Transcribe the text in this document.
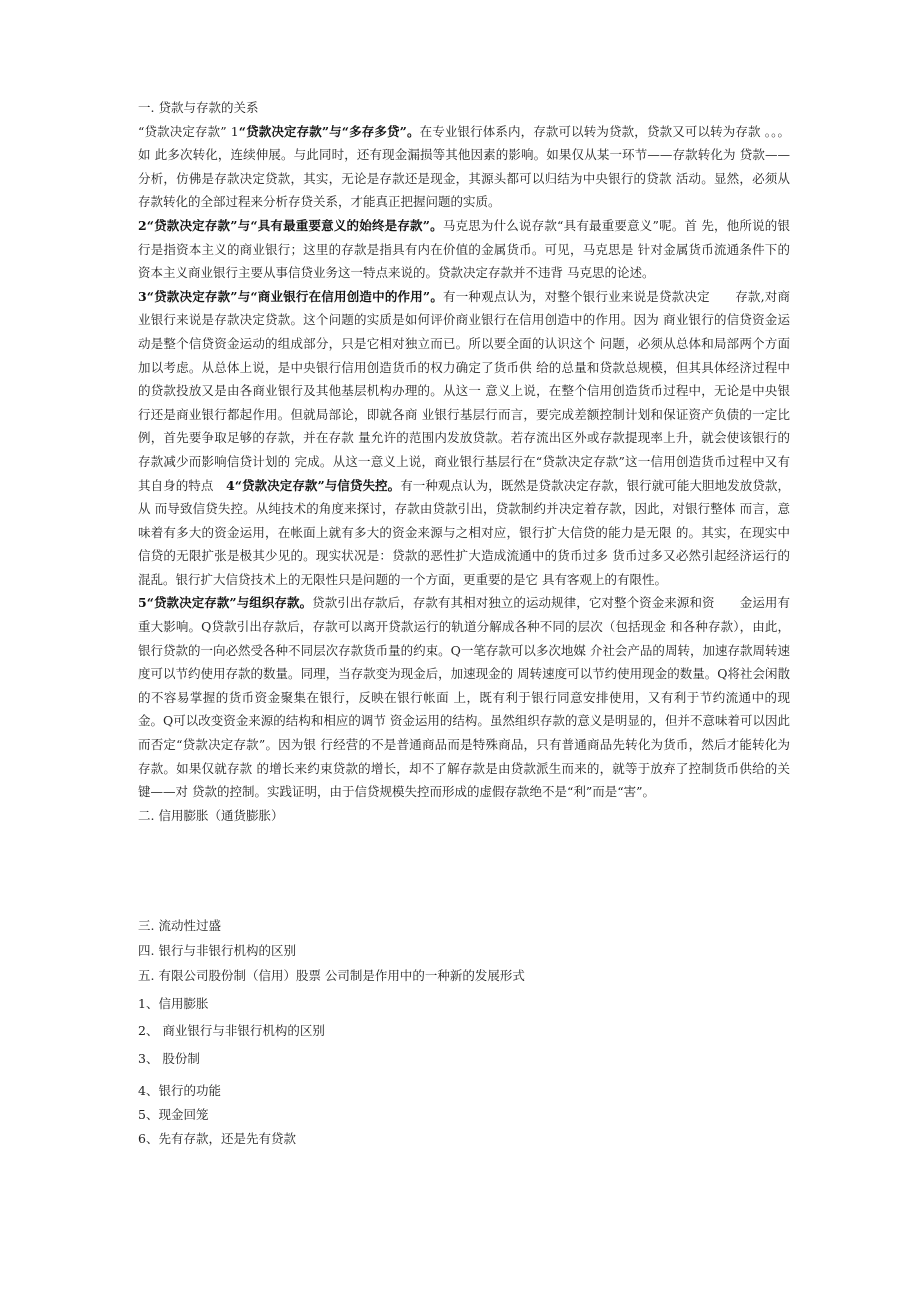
一. 贷款与存款的关系

“贷款决定存款” 1“贷款决定存款”与“多存多贷”。在专业银行体系内，存款可以转为贷款，贷款又可以转为存款 。。。如 此多次转化，连续伸展。与此同时，还有现金漏损等其他因素的影响。如果仅从某一环节——存款转化为 贷款——分析，仿佛是存款决定贷款，其实，无论是存款还是现金，其源头都可以归结为中央银行的贷款 活动。显然，必须从存款转化的全部过程来分析存贷关系，才能真正把握问题的实质。

2“贷款决定存款”与“具有最重要意义的始终是存款”。马克思为什么说存款“具有最重要意义”呢。首 先，他所说的银行是指资本主义的商业银行；这里的存款是指具有内在价值的金属货币。可见，马克思是 针对金属货币流通条件下的资本主义商业银行主要从事信贷业务这一特点来说的。贷款决定存款并不违背 马克思的论述。

3“贷款决定存款”与“商业银行在信用创造中的作用”。有一种观点认为，对整个银行业来说是贷款决定　　存款,对商业银行来说是存款决定贷款。这个问题的实质是如何评价商业银行在信用创造中的作用。因为 商业银行的信贷资金运动是整个信贷资金运动的组成部分，只是它相对独立而已。所以要全面的认识这个 问题，必须从总体和局部两个方面加以考虑。从总体上说，是中央银行信用创造货币的权力确定了货币供 给的总量和贷款总规模，但其具体经济过程中的贷款投放又是由各商业银行及其他基层机构办理的。从这一 意义上说，在整个信用创造货币过程中，无论是中央银行还是商业银行都起作用。但就局部论，即就各商 业银行基层行而言，要完成差额控制计划和保证资产负债的一定比例，首先要争取足够的存款，并在存款 量允许的范围内发放贷款。若存流出区外或存款提现率上升，就会使该银行的存款减少而影响信贷计划的 完成。从这一意义上说，商业银行基层行在“贷款决定存款”这一信用创造货币过程中又有其自身的特点　4“贷款决定存款”与信贷失控。有一种观点认为，既然是贷款决定存款，银行就可能大胆地发放贷款，从 而导致信贷失控。从纯技术的角度来探讨，存款由贷款引出，贷款制约并决定着存款，因此，对银行整体 而言，意味着有多大的资金运用，在帐面上就有多大的资金来源与之相对应，银行扩大信贷的能力是无限 的。其实，在现实中信贷的无限扩张是极其少见的。现实状况是：贷款的恶性扩大造成流通中的货币过多 货币过多又必然引起经济运行的混乱。银行扩大信贷技术上的无限性只是问题的一个方面，更重要的是它 具有客观上的有限性。

5“贷款决定存款”与组织存款。贷款引出存款后，存款有其相对独立的运动规律，它对整个资金来源和资　　金运用有重大影响。Q贷款引出存款后，存款可以离开贷款运行的轨道分解成各种不同的层次（包括现金 和各种存款），由此，银行贷款的一向必然受各种不同层次存款货币量的约束。Q一笔存款可以多次地媒 介社会产品的周转，加速存款周转速度可以节约使用存款的数量。同理，当存款变为现金后，加速现金的 周转速度可以节约使用现金的数量。Q将社会闲散的不容易掌握的货币资金聚集在银行，反映在银行帐面 上，既有利于银行同意安排使用，又有利于节约流通中的现金。Q可以改变资金来源的结构和相应的调节 资金运用的结构。虽然组织存款的意义是明显的，但并不意味着可以因此而否定“贷款决定存款”。因为银 行经营的不是普通商品而是特殊商品，只有普通商品先转化为货币，然后才能转化为存款。如果仅就存款 的增长来约束贷款的增长，却不了解存款是由贷款派生而来的，就等于放弃了控制货币供给的关键——对 贷款的控制。实践证明，由于信贷规模失控而形成的虚假存款绝不是“利”而是“害”。

二. 信用膨胀（通货膨胀）

三. 流动性过盛
四. 银行与非银行机构的区别
五. 有限公司股份制（信用）股票 公司制是作用中的一种新的发展形式
1、信用膨胀
2、 商业银行与非银行机构的区别
3、 股份制
4、银行的功能
5、现金回笼
6、先有存款，还是先有贷款
